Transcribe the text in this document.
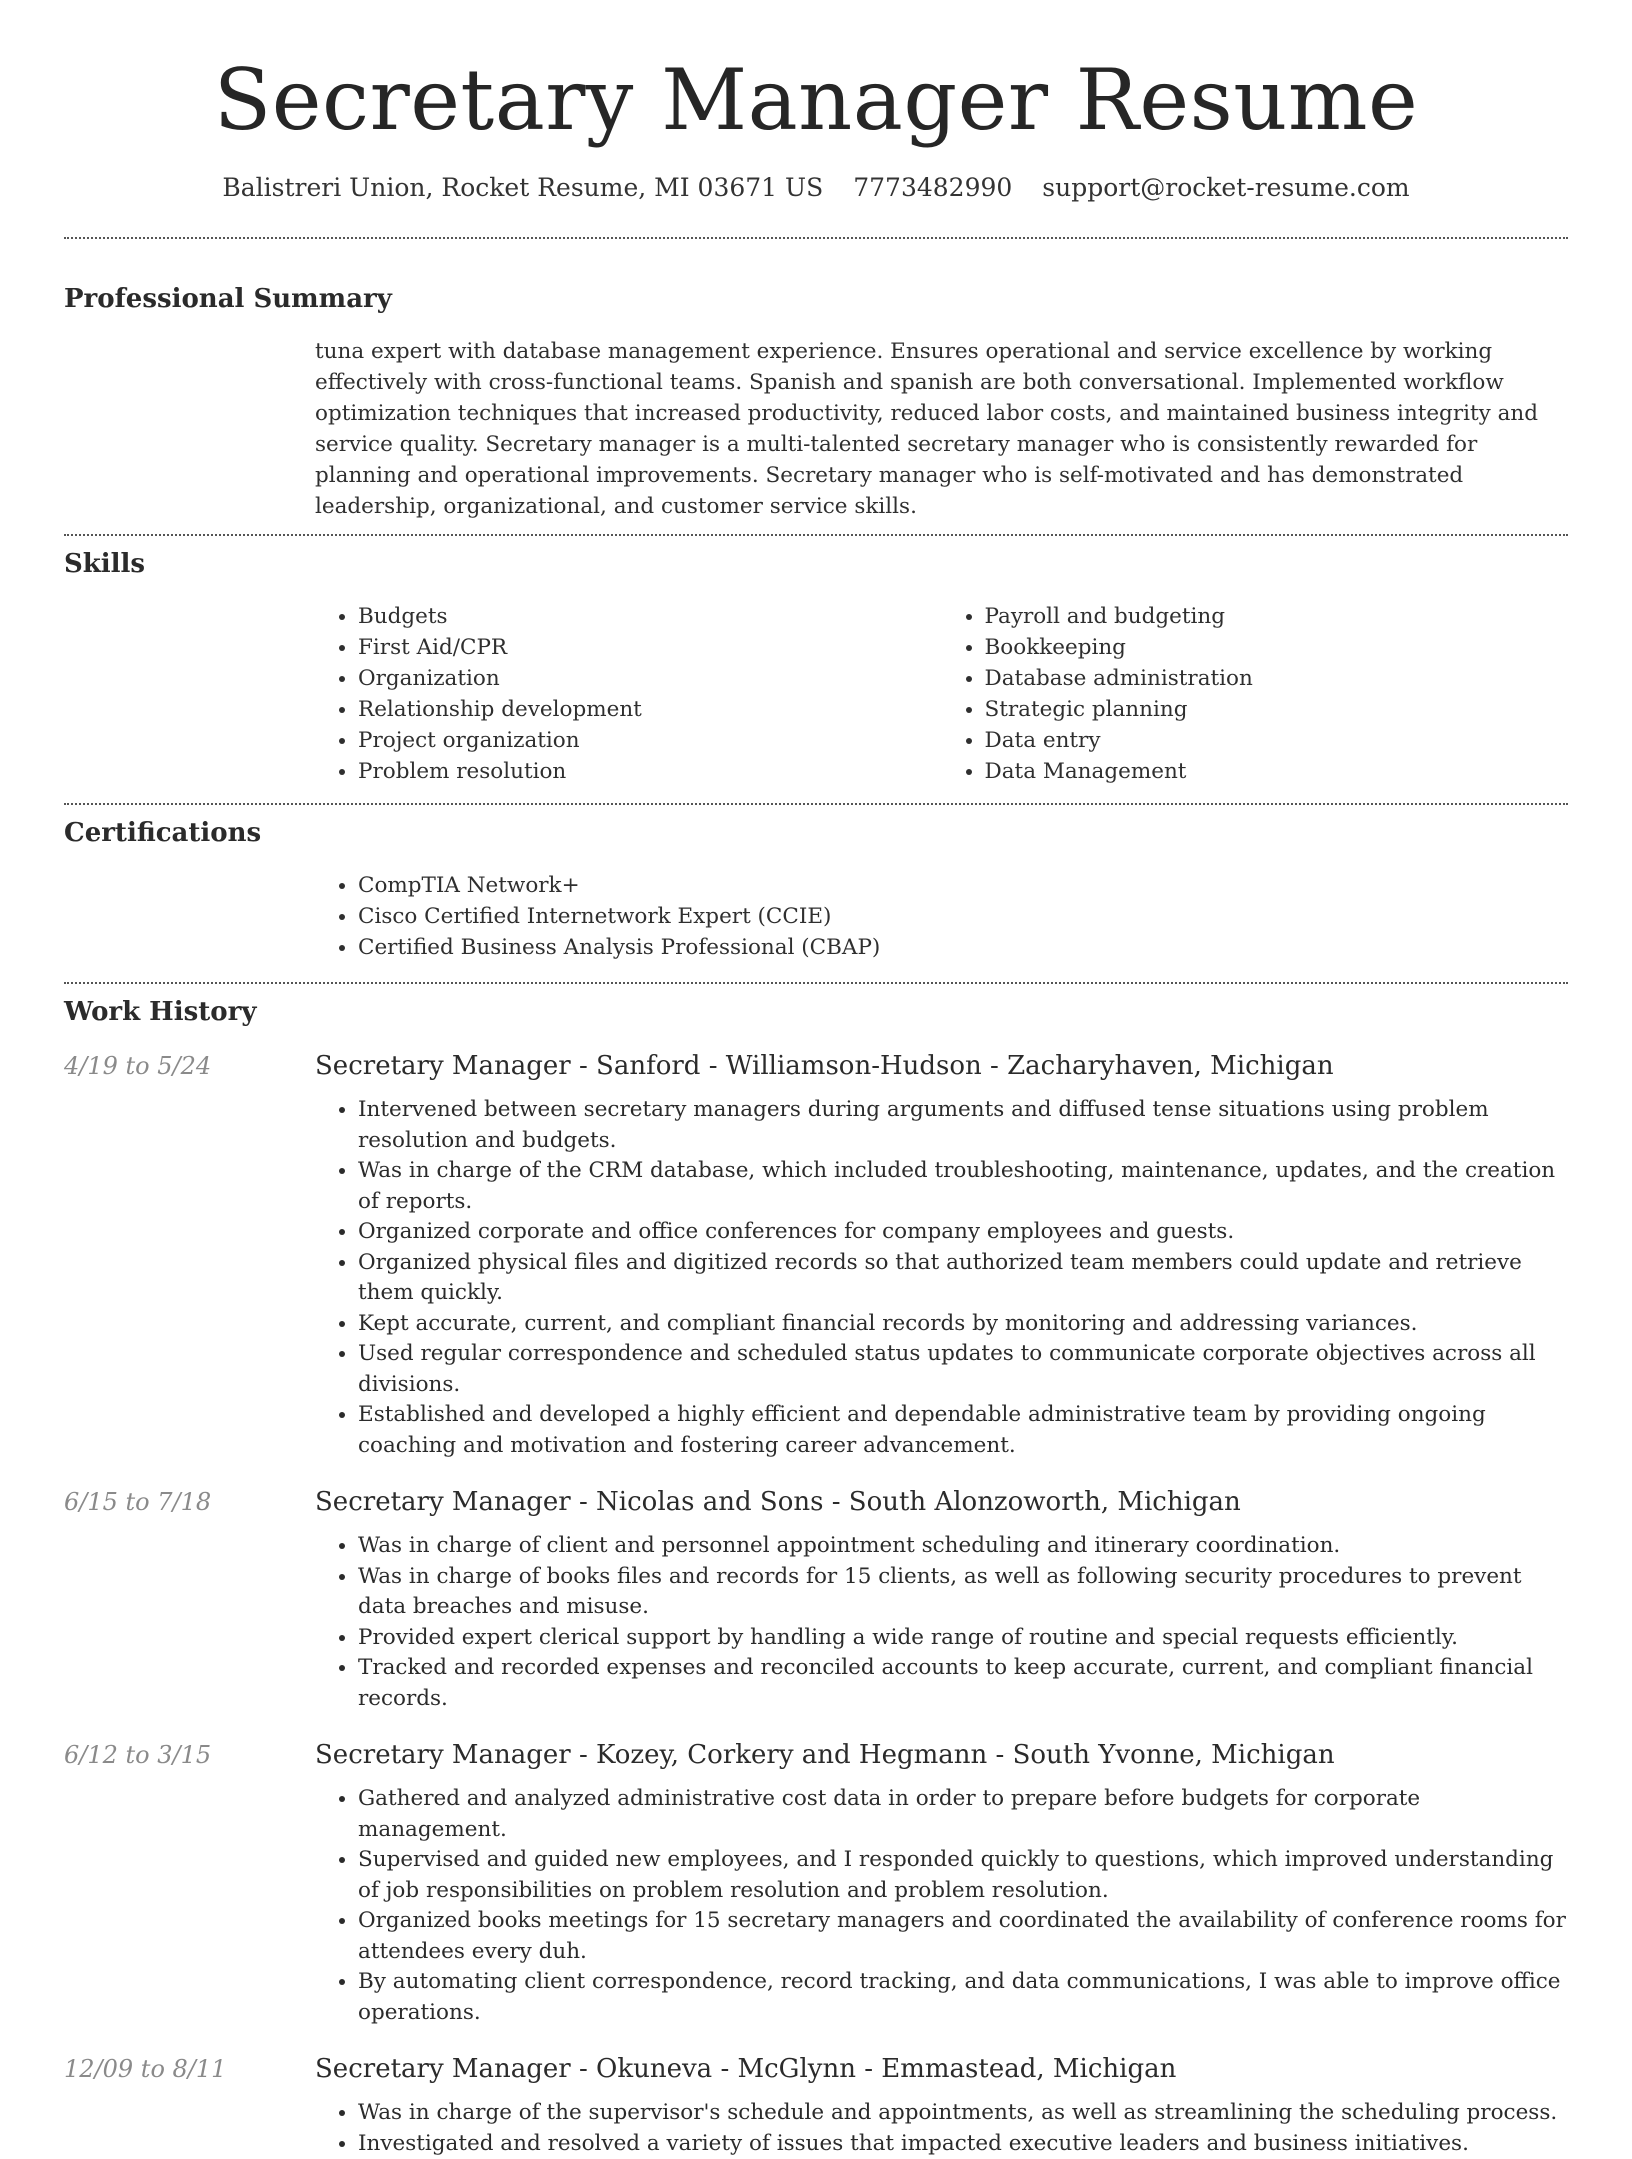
Secretary Manager Resume
Balistreri Union, Rocket Resume, MI 03671 US 7773482990 support@rocket-resume.com
Professional Summary
tuna expert with database management experience. Ensures operational and service excellence by working effectively with cross-functional teams. Spanish and spanish are both conversational. Implemented workflow optimization techniques that increased productivity, reduced labor costs, and maintained business integrity and service quality. Secretary manager is a multi-talented secretary manager who is consistently rewarded for planning and operational improvements. Secretary manager who is self-motivated and has demonstrated leadership, organizational, and customer service skills.
Skills
• Budgets
• First Aid/CPR
• Organization
• Relationship development
• Project organization
• Problem resolution
• Payroll and budgeting
• Bookkeeping
• Database administration
• Strategic planning
• Data entry
• Data Management
Certifications
• CompTIA Network+
• Cisco Certified Internetwork Expert (CCIE)
• Certified Business Analysis Professional (CBAP)
Work History
4/19 to 5/24	Secretary Manager - Sanford - Williamson-Hudson - Zacharyhaven, Michigan
• Intervened between secretary managers during arguments and diffused tense situations using problem resolution and budgets.
• Was in charge of the CRM database, which included troubleshooting, maintenance, updates, and the creation of reports.
• Organized corporate and office conferences for company employees and guests.
• Organized physical files and digitized records so that authorized team members could update and retrieve them quickly.
• Kept accurate, current, and compliant financial records by monitoring and addressing variances.
• Used regular correspondence and scheduled status updates to communicate corporate objectives across all divisions.
• Established and developed a highly efficient and dependable administrative team by providing ongoing coaching and motivation and fostering career advancement.
6/15 to 7/18	Secretary Manager - Nicolas and Sons - South Alonzoworth, Michigan
• Was in charge of client and personnel appointment scheduling and itinerary coordination.
• Was in charge of books files and records for 15 clients, as well as following security procedures to prevent data breaches and misuse.
• Provided expert clerical support by handling a wide range of routine and special requests efficiently.
• Tracked and recorded expenses and reconciled accounts to keep accurate, current, and compliant financial records.
6/12 to 3/15	Secretary Manager - Kozey, Corkery and Hegmann - South Yvonne, Michigan
• Gathered and analyzed administrative cost data in order to prepare before budgets for corporate management.
• Supervised and guided new employees, and I responded quickly to questions, which improved understanding of job responsibilities on problem resolution and problem resolution.
• Organized books meetings for 15 secretary managers and coordinated the availability of conference rooms for attendees every duh.
• By automating client correspondence, record tracking, and data communications, I was able to improve office operations.
12/09 to 8/11	Secretary Manager - Okuneva - McGlynn - Emmastead, Michigan
• Was in charge of the supervisor's schedule and appointments, as well as streamlining the scheduling process.
• Investigated and resolved a variety of issues that impacted executive leaders and business initiatives.
